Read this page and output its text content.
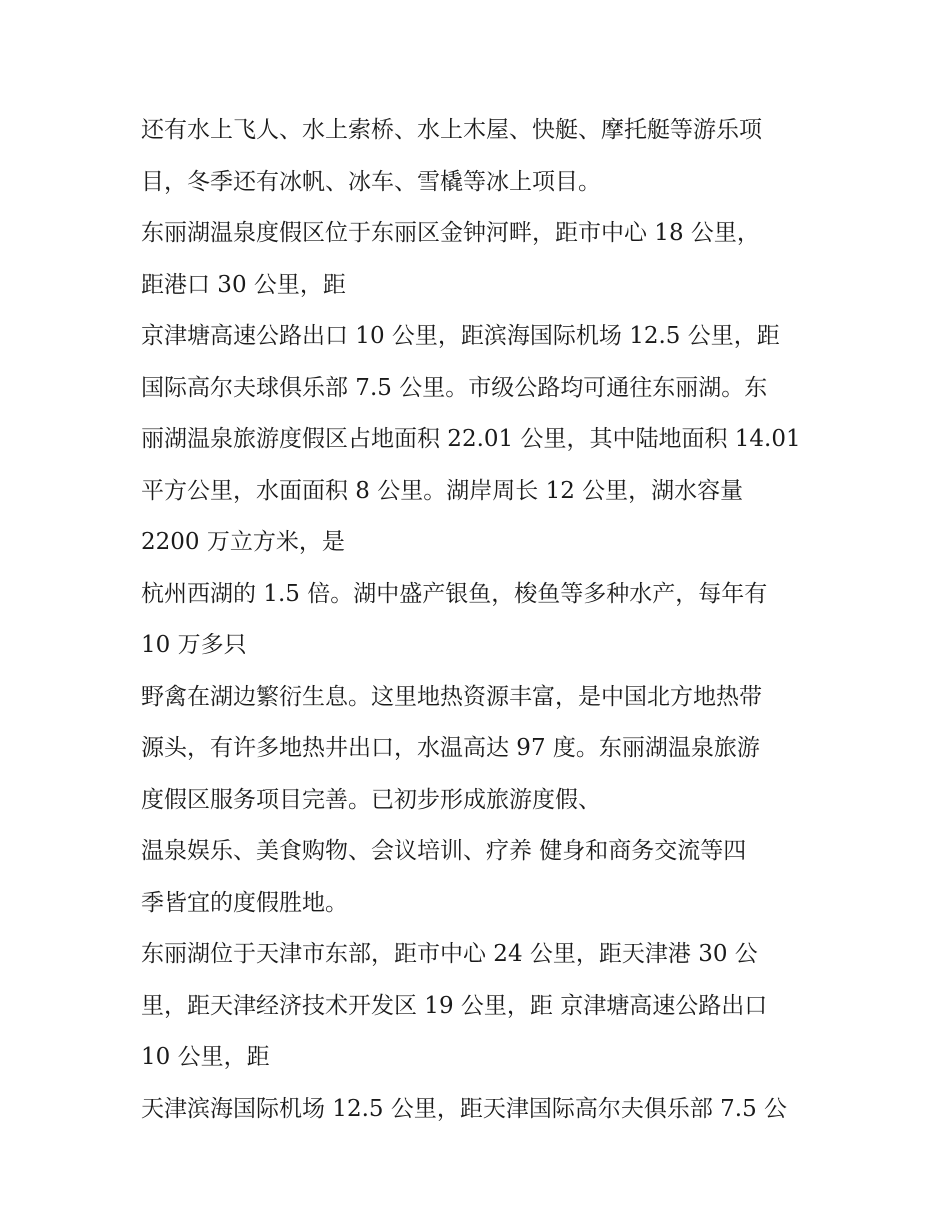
还有水上飞人、水上索桥、水上木屋、快艇、摩托艇等游乐项
目，冬季还有冰帆、冰车、雪橇等冰上项目。
东丽湖温泉度假区位于东丽区金钟河畔，距市中心 18 公里，
距港口 30 公里，距
京津塘高速公路出口 10 公里，距滨海国际机场 12.5 公里，距
国际高尔夫球俱乐部 7.5 公里。市级公路均可通往东丽湖。东
丽湖温泉旅游度假区占地面积 22.01 公里，其中陆地面积 14.01
平方公里，水面面积 8 公里。湖岸周长 12 公里，湖水容量
2200 万立方米，是
杭州西湖的 1.5 倍。湖中盛产银鱼，梭鱼等多种水产，每年有
10 万多只
野禽在湖边繁衍生息。这里地热资源丰富，是中国北方地热带
源头，有许多地热井出口，水温高达 97 度。东丽湖温泉旅游
度假区服务项目完善。已初步形成旅游度假、
温泉娱乐、美食购物、会议培训、疗养 健身和商务交流等四
季皆宜的度假胜地。
东丽湖位于天津市东部，距市中心 24 公里，距天津港 30 公
里，距天津经济技术开发区 19 公里，距 京津塘高速公路出口
10 公里，距
天津滨海国际机场 12.5 公里，距天津国际高尔夫俱乐部 7.5 公
